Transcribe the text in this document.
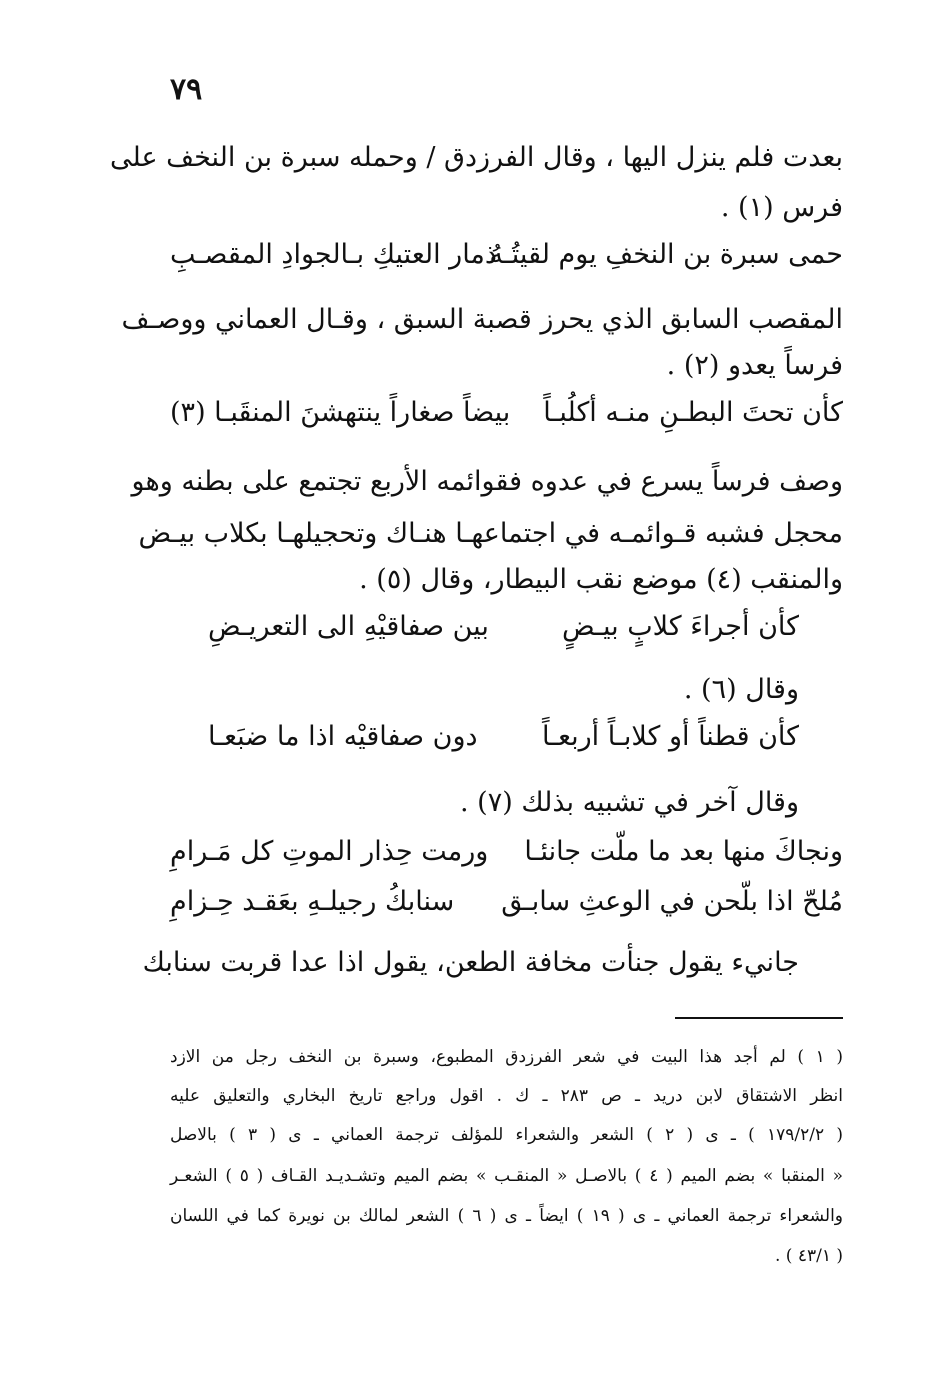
٧٩
بعدت فلم ينزل اليها ، وقال الفرزدق / وحمله سبرة بن النخف على
فرس (١) .
حمى سبرة بن النخفِ يوم لقيتُـهُ
ذمار العتيكِ بـالجوادِ المقصـبِ
المقصب السابق الذي يحرز قصبة السبق ، وقـال العماني ووصـف
فرساً يعدو (٢) .
كأن تحتَ البطـنِ منـه أكلُبـاً
بيضاً صغاراً ينتهشنَ المنقَبـا (٣)
وصف فرساً يسرع في عدوه فقوائمه الأربع تجتمع على بطنه وهو
محجل فشبه قـوائمـه في اجتماعهـا هنـاك وتحجيلهـا بكلاب بيـض
والمنقب (٤) موضع نقب البيطار، وقال (٥) .
كأن أجراءَ كلابٍ بيـضٍ
بين صفاقيْهِ الى التعريـضِ
وقال (٦) .
كأن قطناً أو كلابـاً أربعـاً
دون صفاقيْه اذا ما ضبَعـا
وقال آخر في تشبيه بذلك (٧) .
ونجاكَ منها بعد ما ملّت جانئـا
ورمت حِذار الموتِ كل مَـرامِ
مُلحّ اذا بلّحن في الوعثِ سابـق
سنابكُ رجيلـهِ بعَقـد حِـزامِ
جانيء يقول جنأت مخافة الطعن، يقول اذا عدا قربت سنابك
( ١ ) لم أجد هذا البيت في شعر الفرزدق المطبوع، وسبرة بن النخف رجل من الازد
انظر الاشتقاق لابن دريد ـ ص ٢٨٣ ـ ك . اقول وراجع تاريخ البخاري والتعليق عليه
( ١٧٩/٢/٢ ) ـ ى ( ٢ ) الشعر والشعراء للمؤلف ترجمة العماني ـ ى ( ٣ ) بالاصل
« المنقبا » بضم الميم ( ٤ ) بالاصـل « المنقـب » بضم الميم وتشـديـد القـاف ( ٥ ) الشعـر
والشعراء ترجمة العماني ـ ى ( ١٩ ) ايضاً ـ ى ( ٦ ) الشعر لمالك بن نويرة كما في اللسان
( ٤٣/١ ) .
